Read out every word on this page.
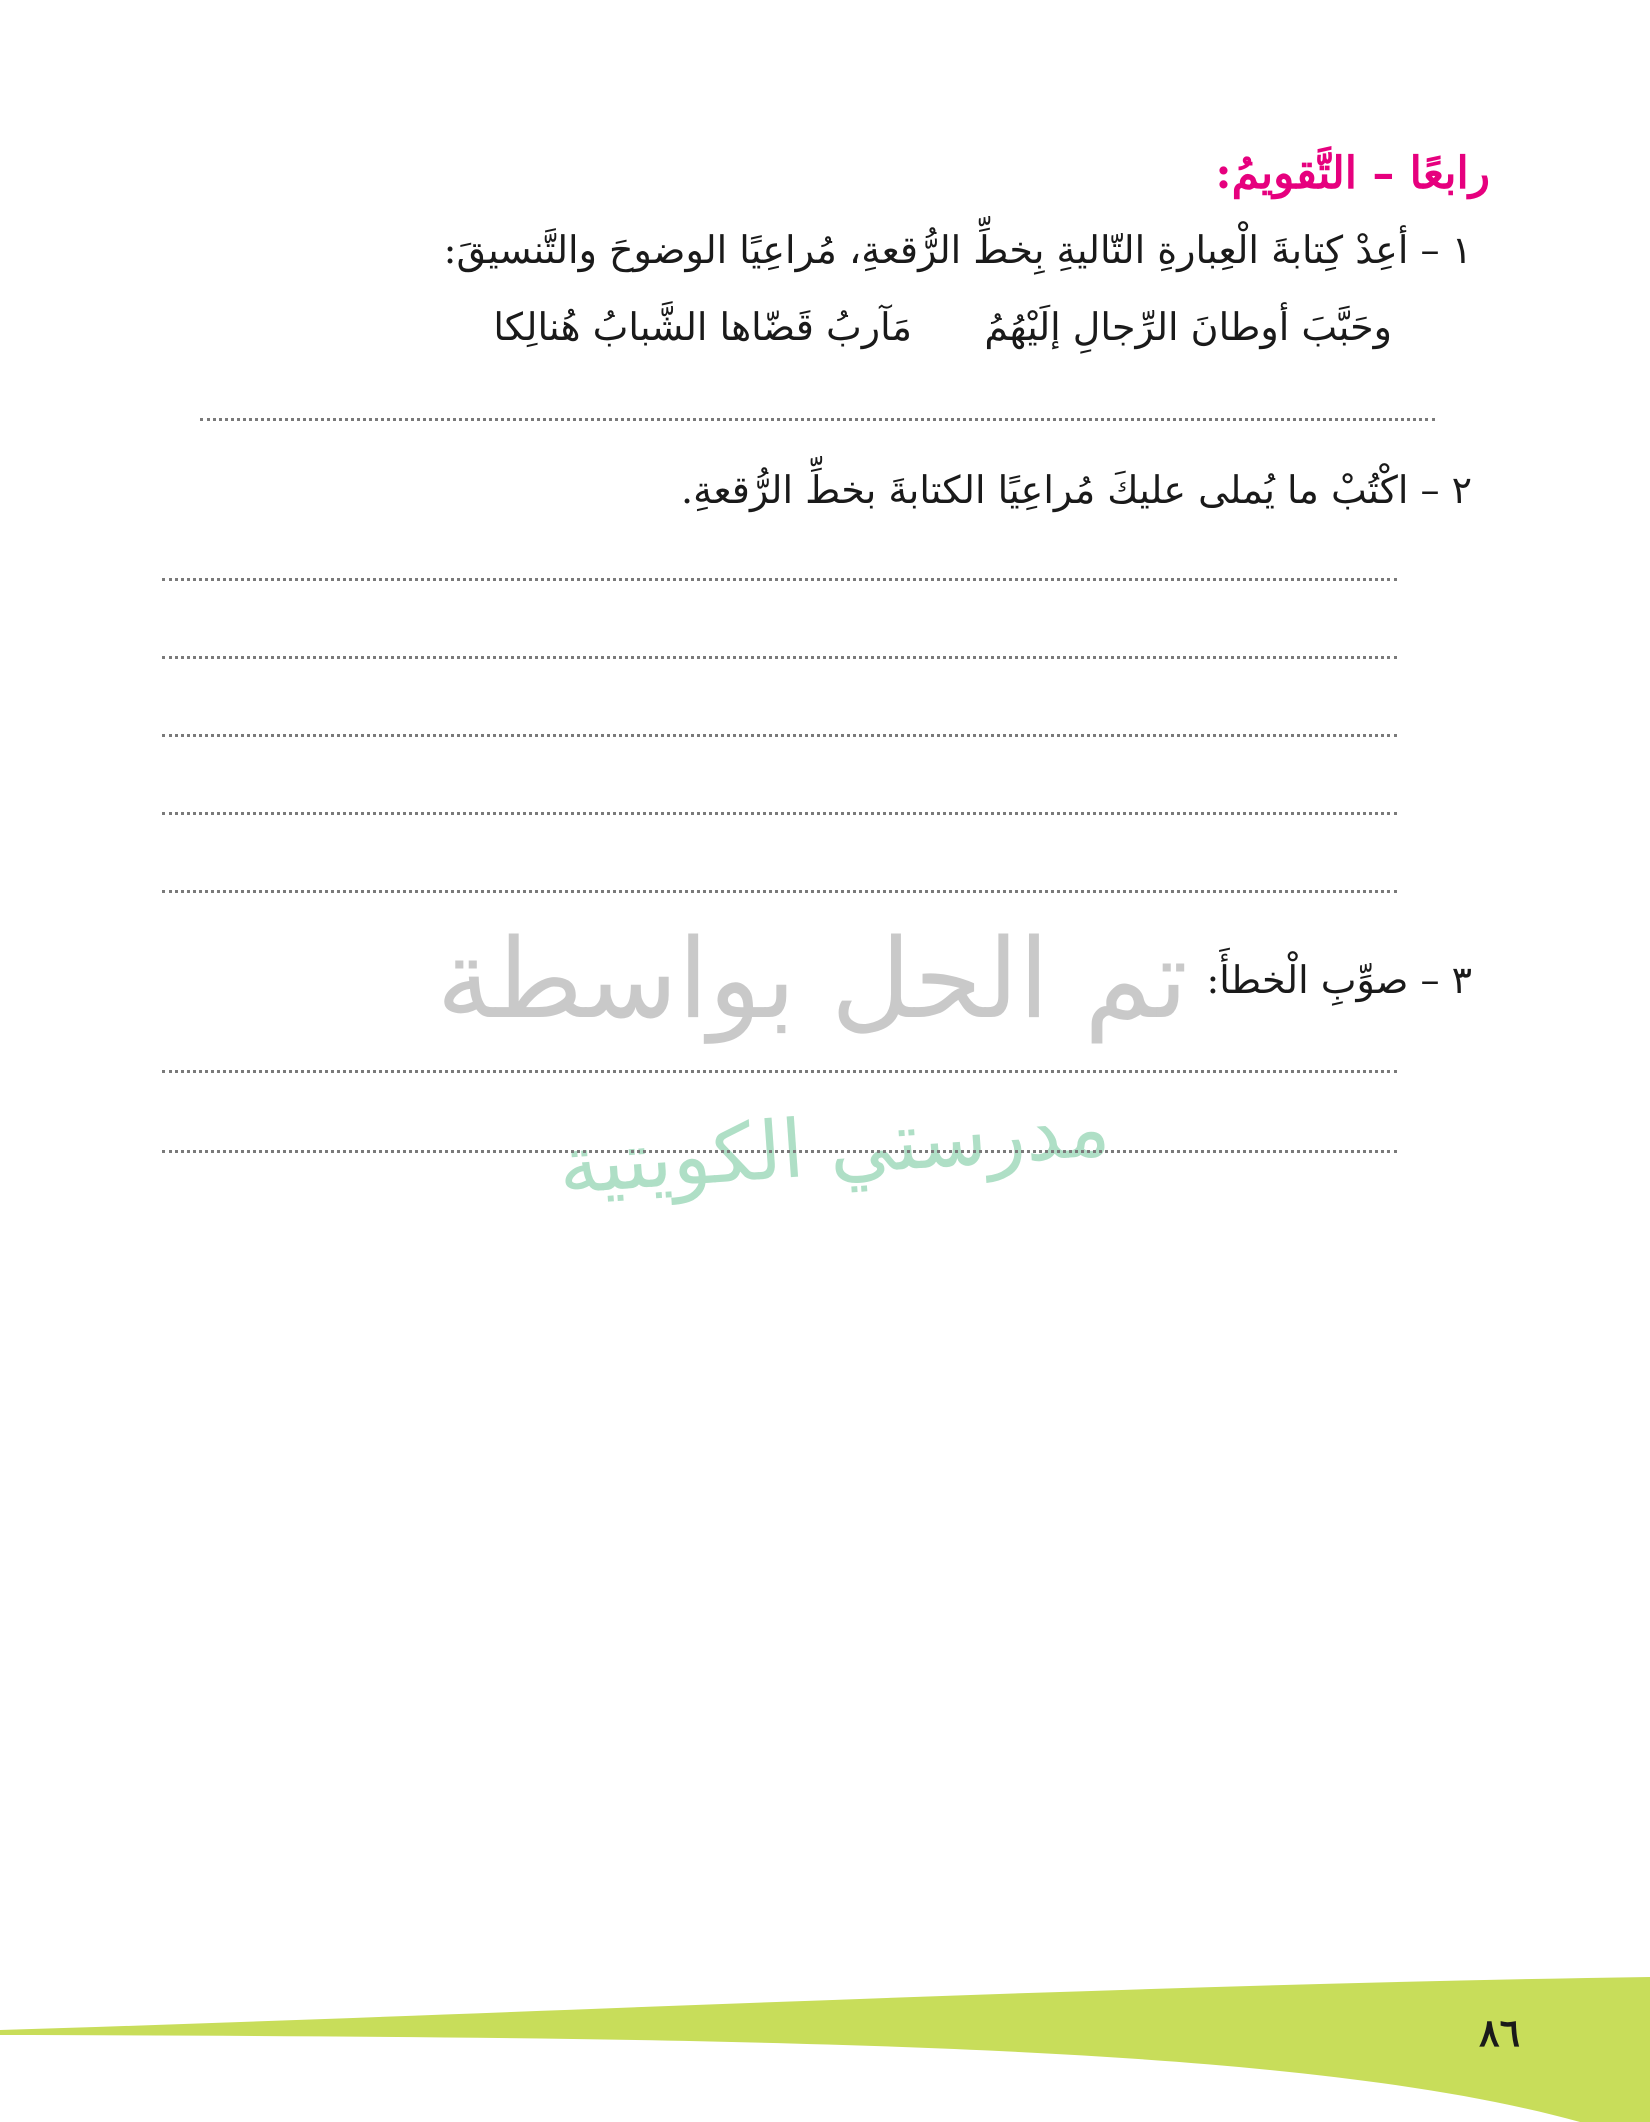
رابعًا – التَّقويمُ:
١ – أعِدْ كِتابةَ الْعِبارةِ التّاليةِ بِخطِّ الرُّقعةِ، مُراعِيًا الوضوحَ والتَّنسيقَ:
وحَبَّبَ أوطانَ الرِّجالِ إلَيْهُمُ
مَآربُ قَضّاها الشَّبابُ هُنالِكا
٢ – اكْتُبْ ما يُملى عليكَ مُراعِيًا الكتابةَ بخطِّ الرُّقعةِ.
تم الحل بواسطة
مدرستي الكويتية
٣ – صوِّبِ الْخطأَ:
٨٦
